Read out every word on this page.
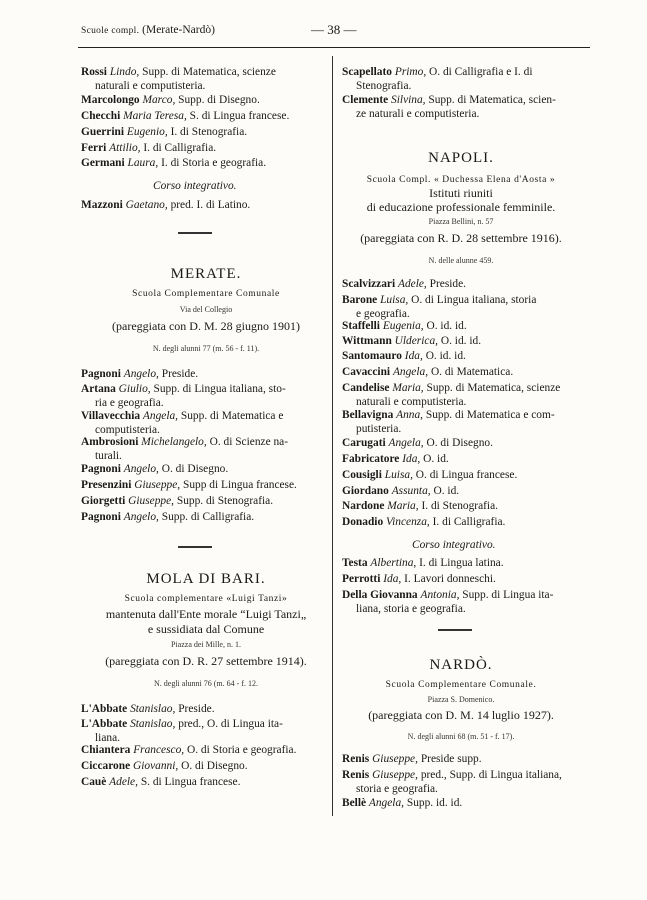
Scuole compl. (Merate-Nardò)	— 38 —
Rossi Lindo, Supp. di Matematica, scienze
naturali e computisteria.
Marcolongo Marco, Supp. di Disegno.
Checchi Maria Teresa, S. di Lingua francese.
Guerrini Eugenio, I. di Stenografia.
Ferri Attilio, I. di Calligrafia.
Germani Laura, I. di Storia e geografia.
Corso integrativo.
Mazzoni Gaetano, pred. I. di Latino.
MERATE.
Scuola Complementare Comunale
Via del Collegio
(pareggiata con D. M. 28 giugno 1901)
N. degli alunni 77 (m. 56 - f. 11).
Pagnoni Angelo, Preside.
Artana Giulio, Supp. di Lingua italiana, sto-
ria e geografia.
Villavecchia Angela, Supp. di Matematica e
computisteria.
Ambrosioni Michelangelo, O. di Scienze na-
turali.
Pagnoni Angelo, O. di Disegno.
Presenzini Giuseppe, Supp di Lingua francese.
Giorgetti Giuseppe, Supp. di Stenografia.
Pagnoni Angelo, Supp. di Calligrafia.
MOLA DI BARI.
Scuola complementare «Luigi Tanzi»
mantenuta dall'Ente morale “Luigi Tanzi„
e sussidiata dal Comune
Piazza dei Mille, n. 1.
(pareggiata con D. R. 27 settembre 1914).
N. degli alunni 76 (m. 64 - f. 12.
L'Abbate Stanislao, Preside.
L'Abbate Stanislao, pred., O. di Lingua ita-
liana.
Chiantera Francesco, O. di Storia e geografia.
Ciccarone Giovanni, O. di Disegno.
Cauè Adele, S. di Lingua francese.
Scapellato Primo, O. di Calligrafia e I. di
Stenografia.
Clemente Silvina, Supp. di Matematica, scien-
ze naturali e computisteria.
NAPOLI.
Scuola Compl. « Duchessa Elena d'Aosta »
Istituti riuniti
di educazione professionale femminile.
Piazza Bellini, n. 57
(pareggiata con R. D. 28 settembre 1916).
N. delle alunne 459.
Scalvizzari Adele, Preside.
Barone Luisa, O. di Lingua italiana, storia
e geografia.
Staffelli Eugenia, O. id. id.
Wittmann Ulderica, O. id. id.
Santomauro Ida, O. id. id.
Cavaccini Angela, O. di Matematica.
Candelise Maria, Supp. di Matematica, scienze
naturali e computisteria.
Bellavigna Anna, Supp. di Matematica e com-
putisteria.
Carugati Angela, O. di Disegno.
Fabricatore Ida, O. id.
Cousigli Luisa, O. di Lingua francese.
Giordano Assunta, O. id.
Nardone Maria, I. di Stenografia.
Donadio Vincenza, I. di Calligrafia.
Corso integrativo.
Testa Albertina, I. di Lingua latina.
Perrotti Ida, I. Lavori donneschi.
Della Giovanna Antonia, Supp. di Lingua ita-
liana, storia e geografia.
NARDÒ.
Scuola Complementare Comunale.
Piazza S. Domenico.
(pareggiata con D. M. 14 luglio 1927).
N. degli alunni 68 (m. 51 - f. 17).
Renis Giuseppe, Preside supp.
Renis Giuseppe, pred., Supp. di Lingua italiana,
storia e geografia.
Bellè Angela, Supp. id. id.
